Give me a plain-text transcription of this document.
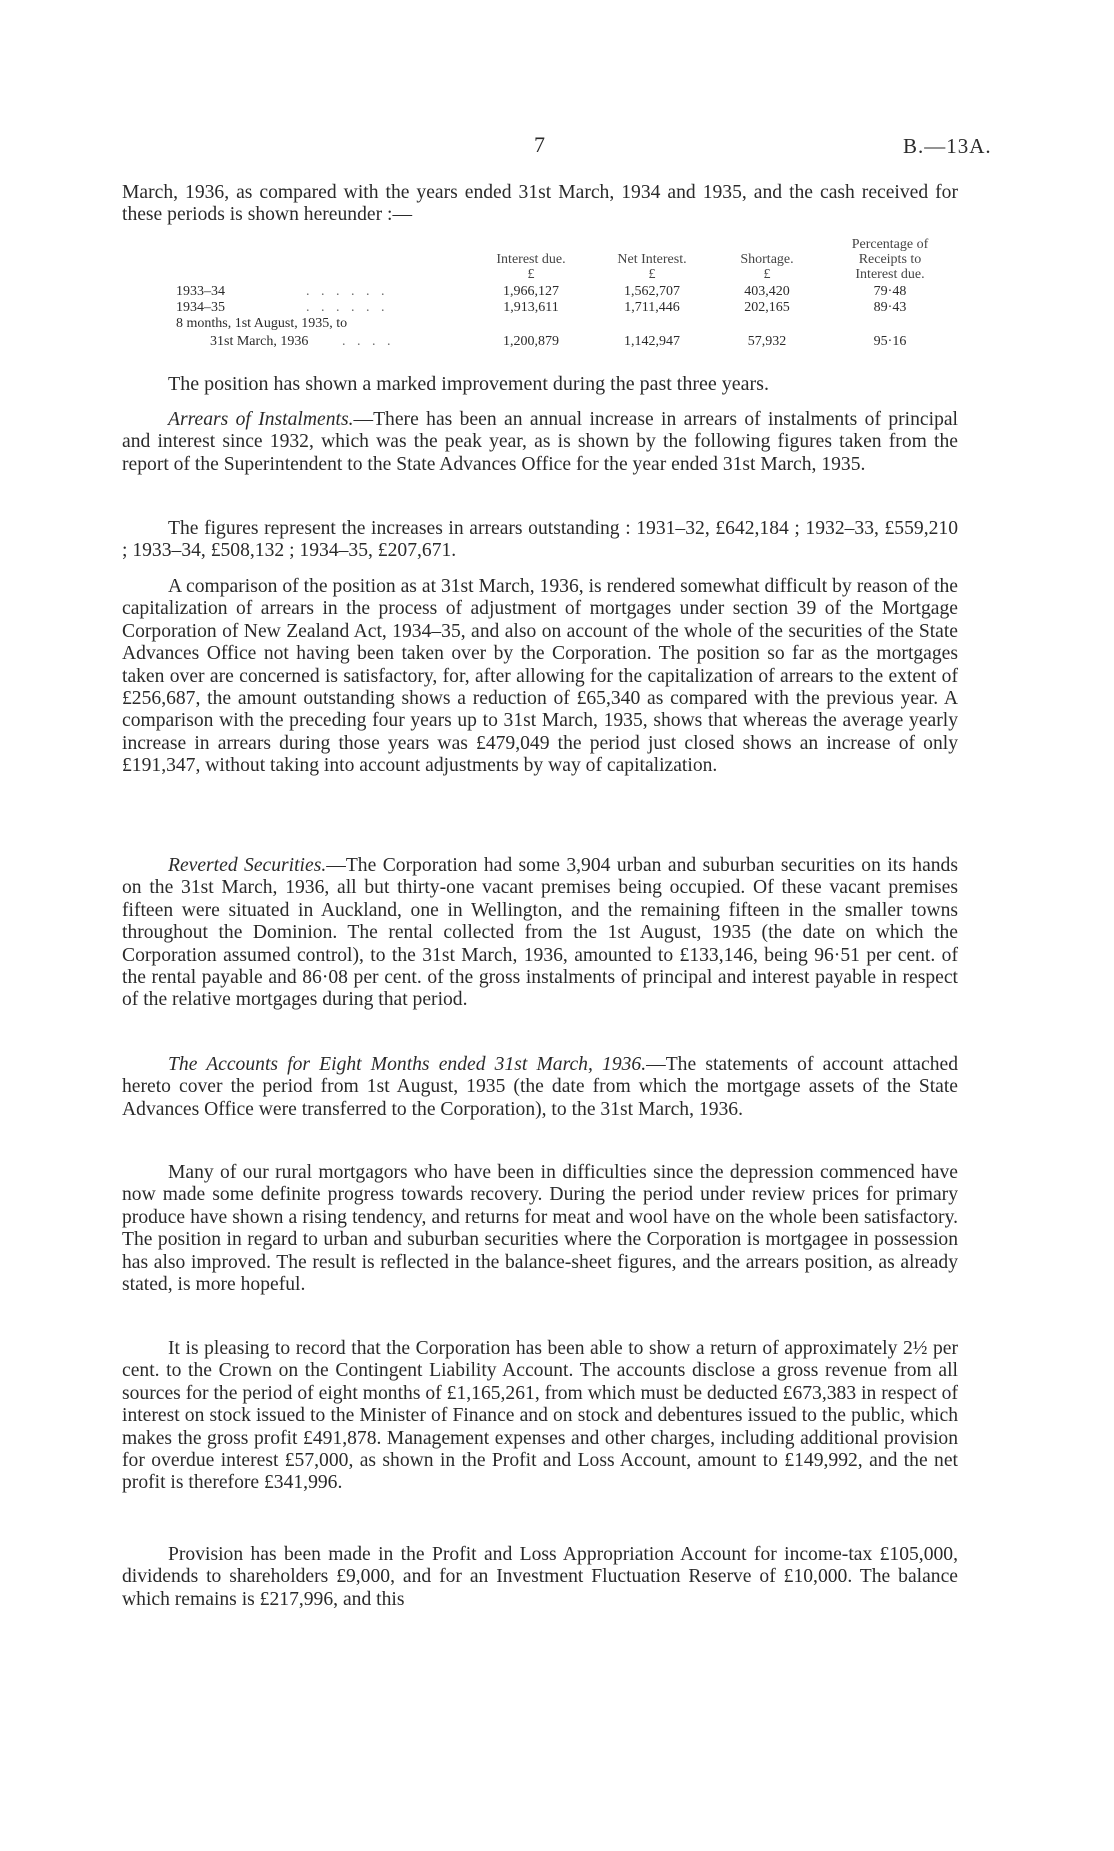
7	B.—13A.

March, 1936, as compared with the years ended 31st March, 1934 and 1935, and the cash received for these periods is shown hereunder :—

Interest due.
£
Net Interest.
£
Shortage.
£
Percentage of
Receipts to
Interest due.
1933–34	. . . . . .	1,966,127	1,562,707	403,420	79·48
1934–35	. . . . . .	1,913,611	1,711,446	202,165	89·43
8 months, 1st August, 1935, to
31st March, 1936 . . . .	1,200,879	1,142,947	57,932	95·16

The position has shown a marked improvement during the past three years.

Arrears of Instalments.—There has been an annual increase in arrears of instalments of principal and interest since 1932, which was the peak year, as is shown by the following figures taken from the report of the Superintendent to the State Advances Office for the year ended 31st March, 1935.

The figures represent the increases in arrears outstanding : 1931–32, £642,184 ; 1932–33, £559,210 ; 1933–34, £508,132 ; 1934–35, £207,671.

A comparison of the position as at 31st March, 1936, is rendered somewhat difficult by reason of the capitalization of arrears in the process of adjustment of mortgages under section 39 of the Mortgage Corporation of New Zealand Act, 1934–35, and also on account of the whole of the securities of the State Advances Office not having been taken over by the Corporation. The position so far as the mortgages taken over are concerned is satisfactory, for, after allowing for the capitalization of arrears to the extent of £256,687, the amount outstanding shows a reduction of £65,340 as compared with the previous year. A comparison with the preceding four years up to 31st March, 1935, shows that whereas the average yearly increase in arrears during those years was £479,049 the period just closed shows an increase of only £191,347, without taking into account adjustments by way of capitalization.

Reverted Securities.—The Corporation had some 3,904 urban and suburban securities on its hands on the 31st March, 1936, all but thirty-one vacant premises being occupied. Of these vacant premises fifteen were situated in Auckland, one in Wellington, and the remaining fifteen in the smaller towns throughout the Dominion. The rental collected from the 1st August, 1935 (the date on which the Corporation assumed control), to the 31st March, 1936, amounted to £133,146, being 96·51 per cent. of the rental payable and 86·08 per cent. of the gross instalments of principal and interest payable in respect of the relative mortgages during that period.

The Accounts for Eight Months ended 31st March, 1936.—The statements of account attached hereto cover the period from 1st August, 1935 (the date from which the mortgage assets of the State Advances Office were transferred to the Corporation), to the 31st March, 1936.

Many of our rural mortgagors who have been in difficulties since the depression commenced have now made some definite progress towards recovery. During the period under review prices for primary produce have shown a rising tendency, and returns for meat and wool have on the whole been satisfactory. The position in regard to urban and suburban securities where the Corporation is mortgagee in possession has also improved. The result is reflected in the balance-sheet figures, and the arrears position, as already stated, is more hopeful.

It is pleasing to record that the Corporation has been able to show a return of approximately 2½ per cent. to the Crown on the Contingent Liability Account. The accounts disclose a gross revenue from all sources for the period of eight months of £1,165,261, from which must be deducted £673,383 in respect of interest on stock issued to the Minister of Finance and on stock and debentures issued to the public, which makes the gross profit £491,878. Management expenses and other charges, including additional provision for overdue interest £57,000, as shown in the Profit and Loss Account, amount to £149,992, and the net profit is therefore £341,996.

Provision has been made in the Profit and Loss Appropriation Account for income-tax £105,000, dividends to shareholders £9,000, and for an Investment Fluctuation Reserve of £10,000. The balance which remains is £217,996, and this
